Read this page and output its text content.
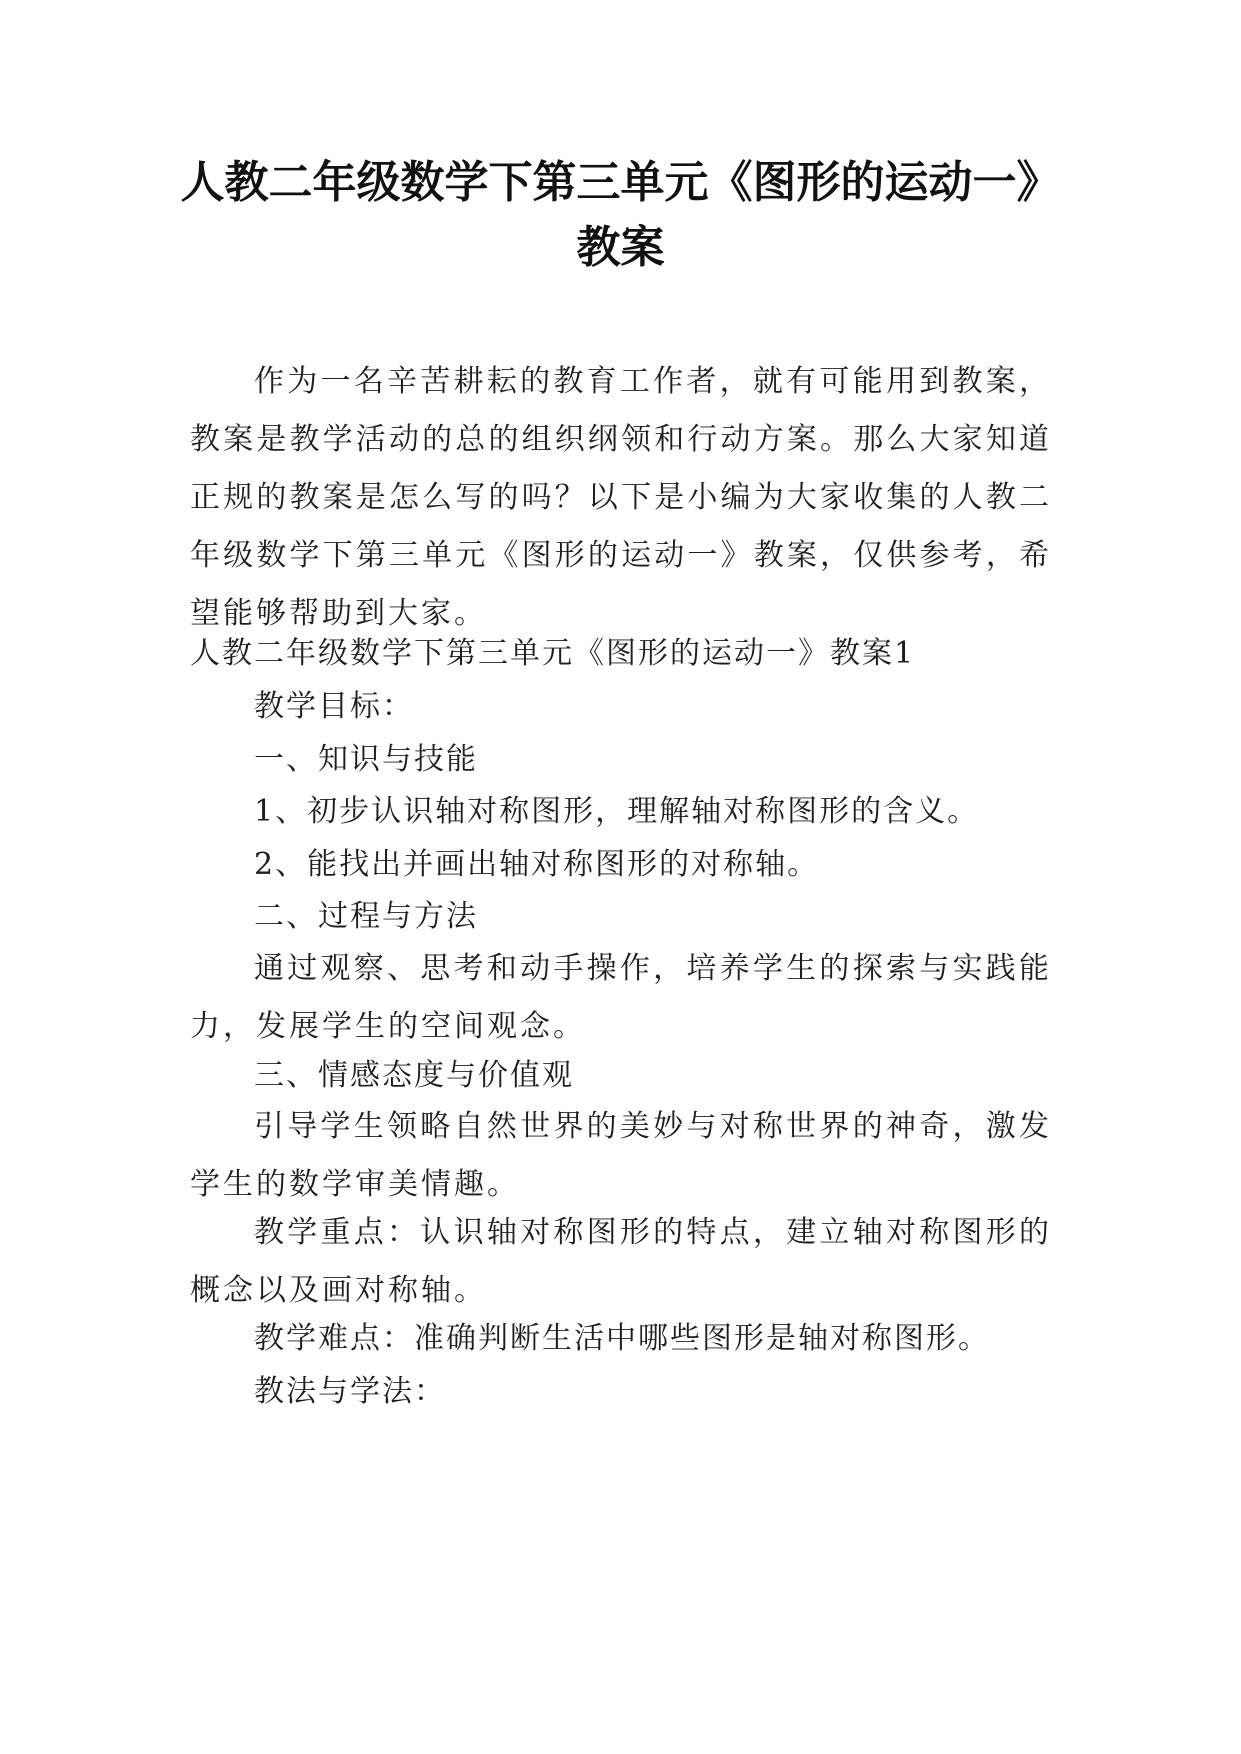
人教二年级数学下第三单元《图形的运动一》
教案

作为一名辛苦耕耘的教育工作者，就有可能用到教案，教案是教学活动的总的组织纲领和行动方案。那么大家知道正规的教案是怎么写的吗？以下是小编为大家收集的人教二年级数学下第三单元《图形的运动一》教案，仅供参考，希望能够帮助到大家。

人教二年级数学下第三单元《图形的运动一》教案1

教学目标：

一、知识与技能

1、初步认识轴对称图形，理解轴对称图形的含义。

2、能找出并画出轴对称图形的对称轴。

二、过程与方法

通过观察、思考和动手操作，培养学生的探索与实践能力，发展学生的空间观念。

三、情感态度与价值观

引导学生领略自然世界的美妙与对称世界的神奇，激发学生的数学审美情趣。

教学重点：认识轴对称图形的特点，建立轴对称图形的概念以及画对称轴。

教学难点：准确判断生活中哪些图形是轴对称图形。

教法与学法：
